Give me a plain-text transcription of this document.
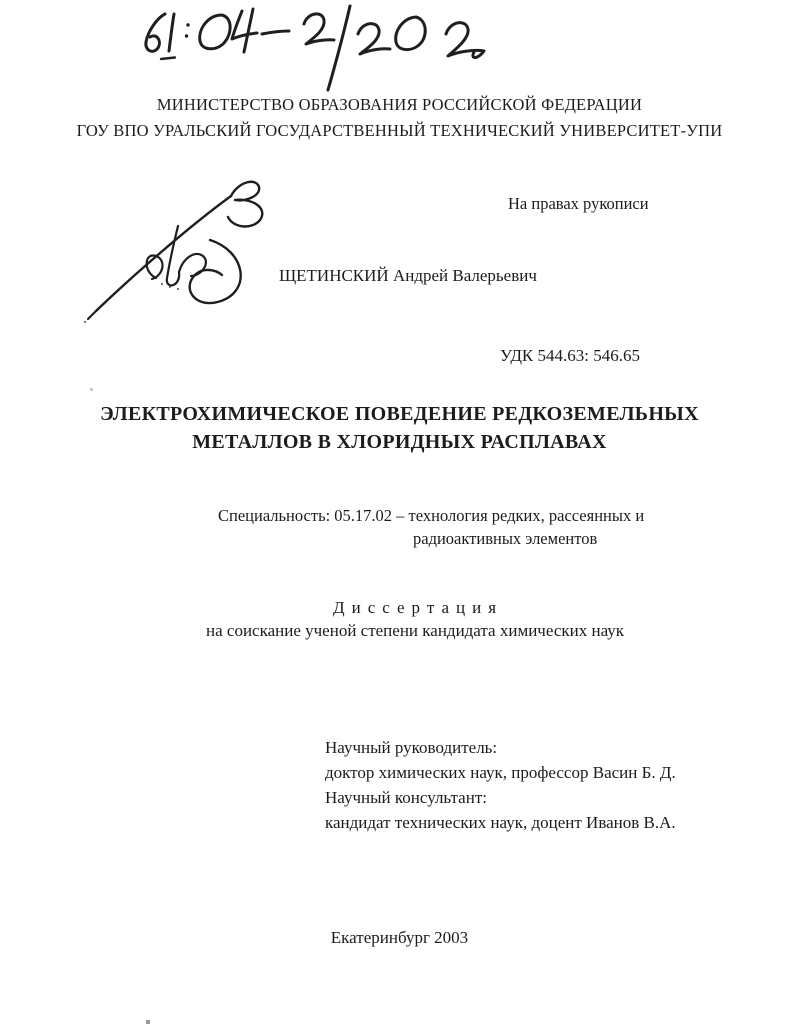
МИНИСТЕРСТВО ОБРАЗОВАНИЯ РОССИЙСКОЙ ФЕДЕРАЦИИ
ГОУ ВПО УРАЛЬСКИЙ ГОСУДАРСТВЕННЫЙ ТЕХНИЧЕСКИЙ УНИВЕРСИТЕТ-УПИ
На правах рукописи
ЩЕТИНСКИЙ Андрей Валерьевич
УДК 544.63: 546.65
ЭЛЕКТРОХИМИЧЕСКОЕ ПОВЕДЕНИЕ РЕДКОЗЕМЕЛЬНЫХ
МЕТАЛЛОВ В ХЛОРИДНЫХ РАСПЛАВАХ
Специальность: 05.17.02 – технология редких, рассеянных и
радиоактивных элементов
Диссертация
на соискание ученой степени кандидата химических наук
Научный руководитель:
доктор химических наук, профессор Васин Б. Д.
Научный консультант:
кандидат технических наук, доцент Иванов В.А.
Екатеринбург 2003
